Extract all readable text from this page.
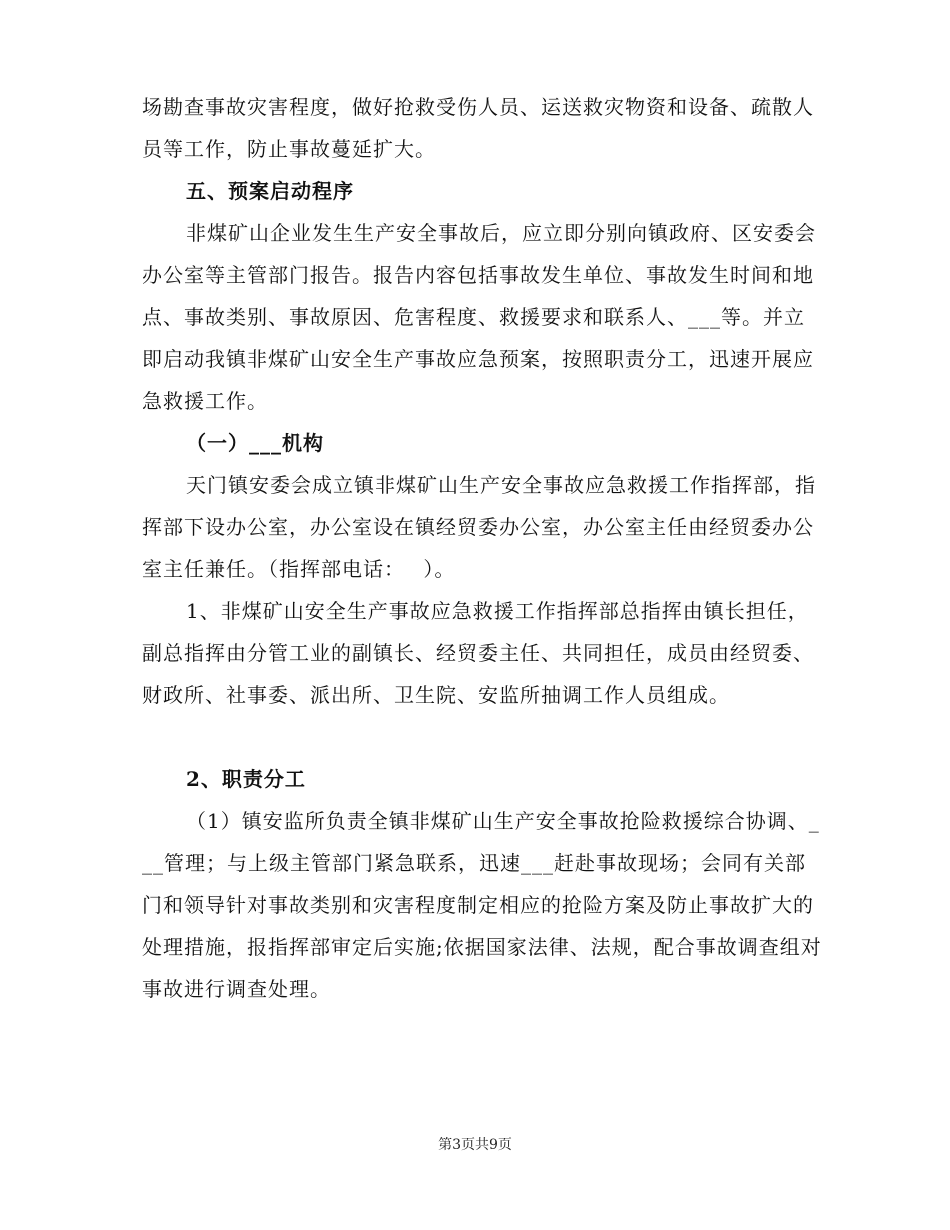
场勘查事故灾害程度，做好抢救受伤人员、运送救灾物资和设备、疏散人员等工作，防止事故蔓延扩大。

五、预案启动程序

非煤矿山企业发生生产安全事故后，应立即分别向镇政府、区安委会办公室等主管部门报告。报告内容包括事故发生单位、事故发生时间和地点、事故类别、事故原因、危害程度、救援要求和联系人、___等。并立即启动我镇非煤矿山安全生产事故应急预案，按照职责分工，迅速开展应急救援工作。

（一）___机构

天门镇安委会成立镇非煤矿山生产安全事故应急救援工作指挥部，指挥部下设办公室，办公室设在镇经贸委办公室，办公室主任由经贸委办公室主任兼任。（指挥部电话：　 ）。

1、非煤矿山安全生产事故应急救援工作指挥部总指挥由镇长担任，副总指挥由分管工业的副镇长、经贸委主任、共同担任，成员由经贸委、财政所、社事委、派出所、卫生院、安监所抽调工作人员组成。

2、职责分工

（1）镇安监所负责全镇非煤矿山生产安全事故抢险救援综合协调、___管理；与上级主管部门紧急联系，迅速___赶赴事故现场；会同有关部门和领导针对事故类别和灾害程度制定相应的抢险方案及防止事故扩大的处理措施，报指挥部审定后实施;依据国家法律、法规，配合事故调查组对事故进行调查处理。

第3页共9页
